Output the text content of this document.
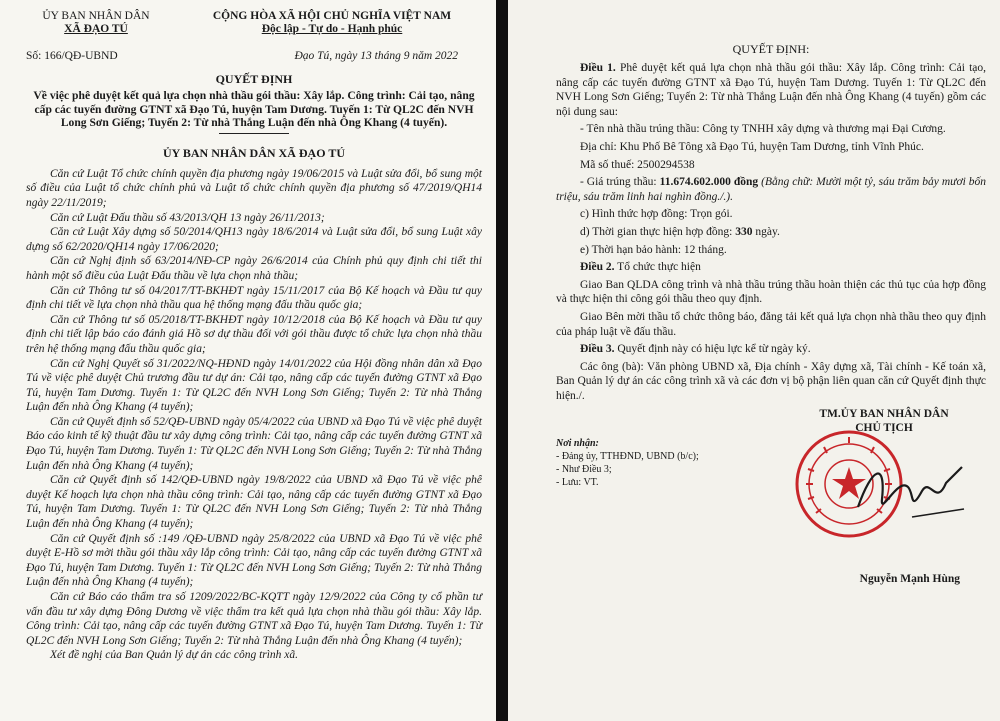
ỦY BAN NHÂN DÂN
XÃ ĐẠO TÚ
CỘNG HÒA XÃ HỘI CHỦ NGHĨA VIỆT NAM
Độc lập - Tự do - Hạnh phúc
Số: 166/QĐ-UBND	Đạo Tú, ngày 13 tháng 9 năm 2022
QUYẾT ĐỊNH
Về việc phê duyệt kết quả lựa chọn nhà thầu gói thầu: Xây lắp. Công trình: Cải tạo, nâng cấp các tuyến đường GTNT xã Đạo Tú, huyện Tam Dương. Tuyến 1: Từ QL2C đến NVH Long Sơn Giếng; Tuyến 2: Từ nhà Thắng Luận đến nhà Ông Khang (4 tuyến).
ỦY BAN NHÂN DÂN XÃ ĐẠO TÚ

Căn cứ Luật Tổ chức chính quyền địa phương ngày 19/06/2015 và Luật sửa đổi, bổ sung một số điều của Luật tổ chức chính phủ và Luật tổ chức chính quyền địa phương số 47/2019/QH14 ngày 22/11/2019;

Căn cứ Luật Đấu thầu số 43/2013/QH 13 ngày 26/11/2013;

Căn cứ Luật Xây dựng số 50/2014/QH13 ngày 18/6/2014 và Luật sửa đổi, bổ sung Luật xây dựng số 62/2020/QH14 ngày 17/06/2020;

Căn cứ Nghị định số 63/2014/NĐ-CP ngày 26/6/2014 của Chính phủ quy định chi tiết thi hành một số điều của Luật Đấu thầu về lựa chọn nhà thầu;

Căn cứ Thông tư số 04/2017/TT-BKHĐT ngày 15/11/2017 của Bộ Kế hoạch và Đầu tư quy định chi tiết về lựa chọn nhà thầu qua hệ thống mạng đấu thầu quốc gia;

Căn cứ Thông tư số 05/2018/TT-BKHĐT ngày 10/12/2018 của Bộ Kế hoạch và Đầu tư quy định chi tiết lập báo cáo đánh giá Hồ sơ dự thầu đối với gói thầu được tổ chức lựa chọn nhà thầu trên hệ thống mạng đấu thầu quốc gia;

Căn cứ Nghị Quyết số 31/2022/NQ-HĐND ngày 14/01/2022 của Hội đồng nhân dân xã Đạo Tú về việc phê duyệt Chủ trương đầu tư dự án: Cải tạo, nâng cấp các tuyến đường GTNT xã Đạo Tú, huyện Tam Dương. Tuyến 1: Từ QL2C đến NVH Long Sơn Giếng; Tuyến 2: Từ nhà Thắng Luận đến nhà Ông Khang (4 tuyến);

Căn cứ Quyết định số 52/QĐ-UBND ngày 05/4/2022 của UBND xã Đạo Tú về việc phê duyệt Báo cáo kinh tế kỹ thuật đầu tư xây dựng công trình: Cải tạo, nâng cấp các tuyến đường GTNT xã Đạo Tú, huyện Tam Dương. Tuyến 1: Từ QL2C đến NVH Long Sơn Giếng; Tuyến 2: Từ nhà Thắng Luận đến nhà Ông Khang (4 tuyến);

Căn cứ Quyết định số 142/QĐ-UBND ngày 19/8/2022 của UBND xã Đạo Tú về việc phê duyệt Kế hoạch lựa chọn nhà thầu công trình: Cải tạo, nâng cấp các tuyến đường GTNT xã Đạo Tú, huyện Tam Dương. Tuyến 1: Từ QL2C đến NVH Long Sơn Giếng; Tuyến 2: Từ nhà Thắng Luận đến nhà Ông Khang (4 tuyến);

Căn cứ Quyết định số :149 /QĐ-UBND ngày 25/8/2022 của UBND xã Đạo Tú về việc phê duyệt E-Hồ sơ mời thầu gói thầu xây lắp công trình: Cải tạo, nâng cấp các tuyến đường GTNT xã Đạo Tú, huyện Tam Dương. Tuyến 1: Từ QL2C đến NVH Long Sơn Giếng; Tuyến 2: Từ nhà Thắng Luận đến nhà Ông Khang (4 tuyến);

Căn cứ Báo cáo thẩm tra số 1209/2022/BC-KQTT ngày 12/9/2022 của Công ty cổ phần tư vấn đầu tư xây dựng Đông Dương về việc thẩm tra kết quả lựa chọn nhà thầu gói thầu: Xây lắp. Công trình: Cải tạo, nâng cấp các tuyến đường GTNT xã Đạo Tú, huyện Tam Dương. Tuyến 1: Từ QL2C đến NVH Long Sơn Giếng; Tuyến 2: Từ nhà Thắng Luận đến nhà Ông Khang (4 tuyến);

Xét đề nghị của Ban Quản lý dự án các công trình xã.

QUYẾT ĐỊNH:

Điều 1. Phê duyệt kết quả lựa chọn nhà thầu gói thầu: Xây lắp. Công trình: Cải tạo, nâng cấp các tuyến đường GTNT xã Đạo Tú, huyện Tam Dương. Tuyến 1: Từ QL2C đến NVH Long Sơn Giếng; Tuyến 2: Từ nhà Thắng Luận đến nhà Ông Khang (4 tuyến) gồm các nội dung sau:

- Tên nhà thầu trúng thầu: Công ty TNHH xây dựng và thương mại Đại Cương.

Địa chỉ: Khu Phố Bê Tông xã Đạo Tú, huyện Tam Dương, tỉnh Vĩnh Phúc.

Mã số thuế: 2500294538

- Giá trúng thầu: 11.674.602.000 đồng (Bằng chữ: Mười một tỷ, sáu trăm bảy mươi bốn triệu, sáu trăm linh hai nghìn đồng./.).

c) Hình thức hợp đồng: Trọn gói.

d) Thời gian thực hiện hợp đồng: 330 ngày.

e) Thời hạn bảo hành: 12 tháng.

Điều 2. Tổ chức thực hiện

Giao Ban QLDA công trình và nhà thầu trúng thầu hoàn thiện các thủ tục của hợp đồng và thực hiện thi công gói thầu theo quy định.

Giao Bên mời thầu tổ chức thông báo, đăng tải kết quả lựa chọn nhà thầu theo quy định của pháp luật về đấu thầu.

Điều 3. Quyết định này có hiệu lực kể từ ngày ký.

Các ông (bà): Văn phòng UBND xã, Địa chính - Xây dựng xã, Tài chính - Kế toán xã, Ban Quản lý dự án các công trình xã và các đơn vị bộ phận liên quan căn cứ Quyết định thực hiện./.

Nơi nhận:
- Đảng ủy, TTHĐND, UBND (b/c);
- Như Điều 3;
- Lưu: VT.
TM.ỦY BAN NHÂN DÂN
CHỦ TỊCH
Nguyễn Mạnh Hùng
